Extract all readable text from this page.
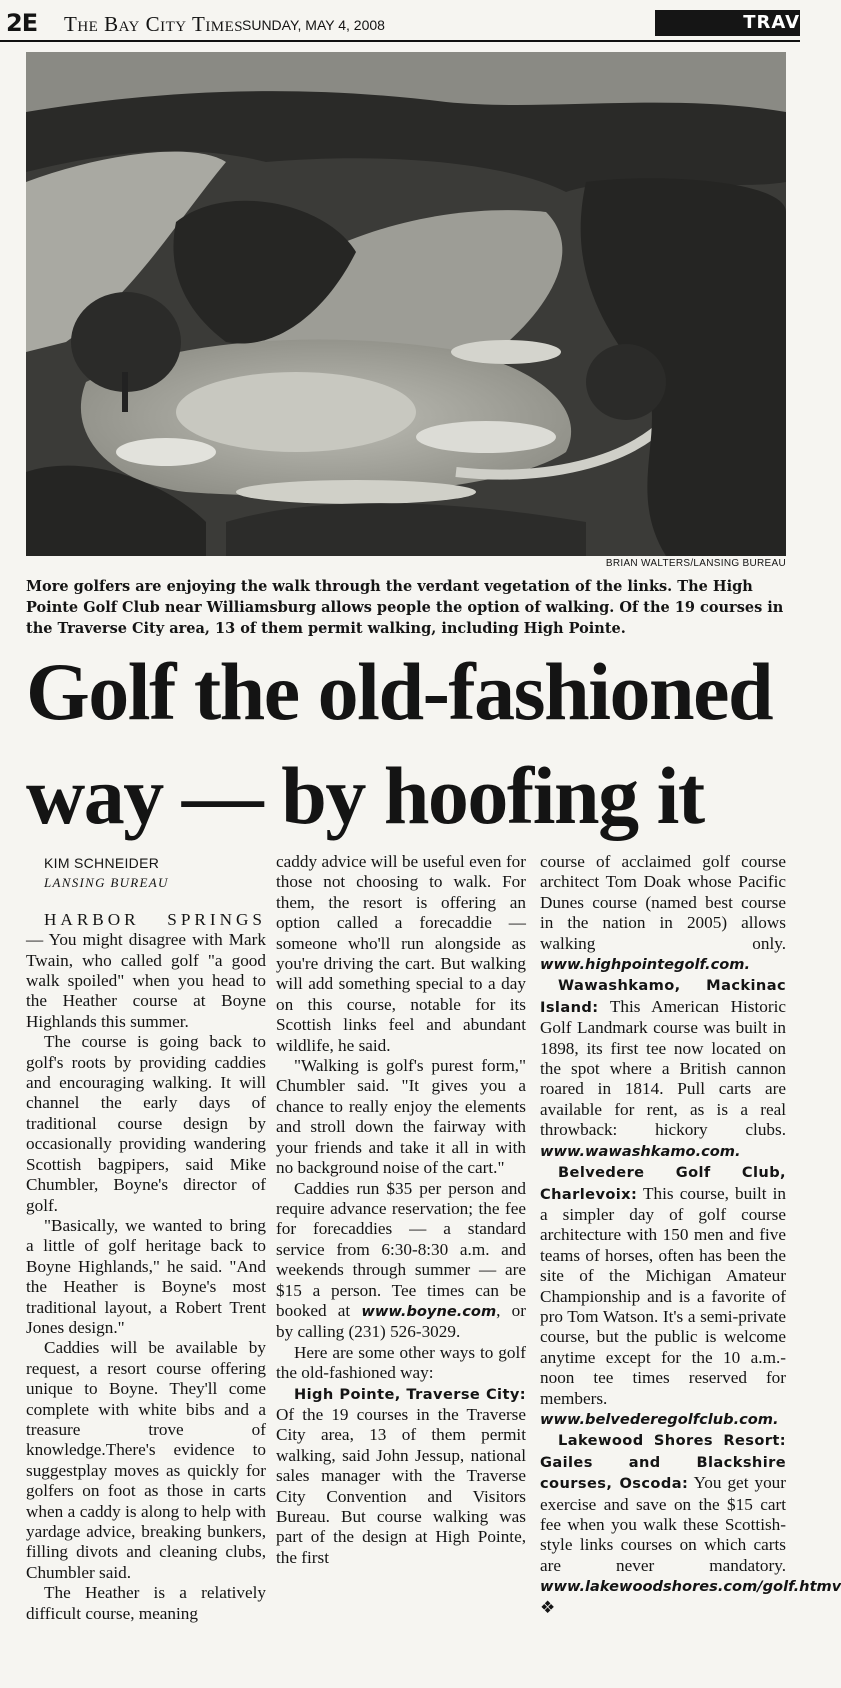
2E The Bay City Times
SUNDAY, MAY 4, 2008	TRAV
BRIAN WALTERS/LANSING BUREAU
More golfers are enjoying the walk through the verdant vegetation of the links. The High Pointe Golf Club near Williamsburg allows people the option of walking. Of the 19 courses in the Traverse City area, 13 of them permit walking, including High Pointe.
Golf the old-fashioned
way — by hoofing it

KIM SCHNEIDER

LANSING BUREAU

HARBOR SPRINGS — You might disagree with Mark Twain, who called golf "a good walk spoiled" when you head to the Heather course at Boyne Highlands this summer.

The course is going back to golf's roots by providing caddies and encouraging walking. It will channel the early days of traditional course design by occasionally providing wandering Scottish bagpipers, said Mike Chumbler, Boyne's director of golf.

"Basically, we wanted to bring a little of golf heritage back to Boyne Highlands," he said. "And the Heather is Boyne's most traditional layout, a Robert Trent Jones design."

Caddies will be available by request, a resort course offering unique to Boyne. They'll come complete with white bibs and a treasure trove of knowledge.There's evidence to suggestplay moves as quickly for golfers on foot as those in carts when a caddy is along to help with yardage advice, breaking bunkers, filling divots and cleaning clubs, Chumbler said.

The Heather is a relatively difficult course, meaning

caddy advice will be useful even for those not choosing to walk. For them, the resort is offering an option called a forecaddie — someone who'll run alongside as you're driving the cart. But walking will add something special to a day on this course, notable for its Scottish links feel and abundant wildlife, he said.

"Walking is golf's purest form," Chumbler said. "It gives you a chance to really enjoy the elements and stroll down the fairway with your friends and take it all in with no background noise of the cart."

Caddies run $35 per person and require advance reservation; the fee for forecaddies — a standard service from 6:30-8:30 a.m. and weekends through summer — are $15 a person. Tee times can be booked at www.boyne.com, or by calling (231) 526-3029.

Here are some other ways to golf the old-fashioned way:

High Pointe, Traverse City: Of the 19 courses in the Traverse City area, 13 of them permit walking, said John Jessup, national sales manager with the Traverse City Convention and Visitors Bureau. But course walking was part of the design at High Pointe, the first

course of acclaimed golf course architect Tom Doak whose Pacific Dunes course (named best course in the nation in 2005) allows walking only. www.highpointegolf.com.

Wawashkamo, Mackinac Island: This American Historic Golf Landmark course was built in 1898, its first tee now located on the spot where a British cannon roared in 1814. Pull carts are available for rent, as is a real throwback: hickory clubs. www.wawashkamo.com.

Belvedere Golf Club, Charlevoix: This course, built in a simpler day of golf course architecture with 150 men and five teams of horses, often has been the site of the Michigan Amateur Championship and is a favorite of pro Tom Watson. It's a semi-private course, but the public is welcome anytime except for the 10 a.m.-noon tee times reserved for members. www.belvederegolfclub.com.

Lakewood Shores Resort: Gailes and Blackshire courses, Oscoda: You get your exercise and save on the $15 cart fee when you walk these Scottish-style links courses on which carts are never mandatory. www.lakewoodshores.com/golf.htmv ❖
